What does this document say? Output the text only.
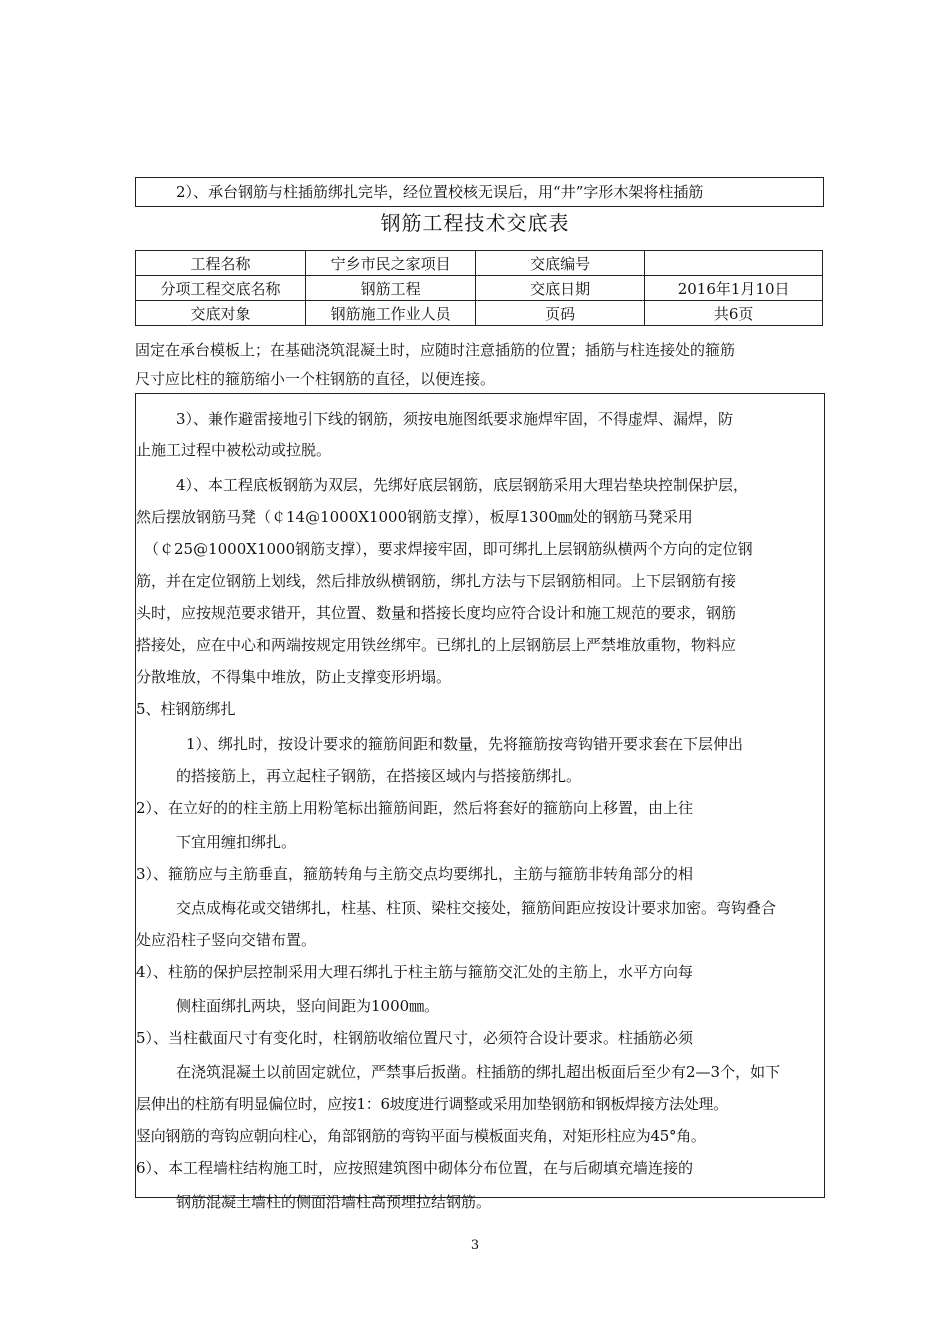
2）、承台钢筋与柱插筋绑扎完毕，经位置校核无误后，用“井”字形木架将柱插筋
钢筋工程技术交底表
工程名称	宁乡市民之家项目	交底编号	
分项工程交底名称	钢筋工程	交底日期	2016年1月10日
交底对象	钢筋施工作业人员	页码	共6页

固定在承台模板上；在基础浇筑混凝土时，应随时注意插筋的位置；插筋与柱连接处的箍筋

尺寸应比柱的箍筋缩小一个柱钢筋的直径，以便连接。

3）、兼作避雷接地引下线的钢筋，须按电施图纸要求施焊牢固，不得虚焊、漏焊，防
止施工过程中被松动或拉脱。
4）、本工程底板钢筋为双层，先绑好底层钢筋，底层钢筋采用大理岩垫块控制保护层，
然后摆放钢筋马凳（￠14@1000X1000钢筋支撑），板厚1300㎜处的钢筋马凳采用
（￠25@1000X1000钢筋支撑），要求焊接牢固，即可绑扎上层钢筋纵横两个方向的定位钢
筋，并在定位钢筋上划线，然后排放纵横钢筋，绑扎方法与下层钢筋相同。上下层钢筋有接
头时，应按规范要求错开，其位置、数量和搭接长度均应符合设计和施工规范的要求，钢筋
搭接处，应在中心和两端按规定用铁丝绑牢。已绑扎的上层钢筋层上严禁堆放重物，物料应
分散堆放，不得集中堆放，防止支撑变形坍塌。
5、柱钢筋绑扎
1）、绑扎时，按设计要求的箍筋间距和数量，先将箍筋按弯钩错开要求套在下层伸出
的搭接筋上，再立起柱子钢筋，在搭接区域内与搭接筋绑扎。
2）、在立好的的柱主筋上用粉笔标出箍筋间距，然后将套好的箍筋向上移置，由上往
下宜用缠扣绑扎。
3）、箍筋应与主筋垂直，箍筋转角与主筋交点均要绑扎，主筋与箍筋非转角部分的相
交点成梅花或交错绑扎，柱基、柱顶、梁柱交接处，箍筋间距应按设计要求加密。弯钩叠合
处应沿柱子竖向交错布置。
4）、柱筋的保护层控制采用大理石绑扎于柱主筋与箍筋交汇处的主筋上，水平方向每
侧柱面绑扎两块，竖向间距为1000㎜。
5）、当柱截面尺寸有变化时，柱钢筋收缩位置尺寸，必须符合设计要求。柱插筋必须
在浇筑混凝土以前固定就位，严禁事后扳凿。柱插筋的绑扎超出板面后至少有2—3个，如下
层伸出的柱筋有明显偏位时，应按1：6坡度进行调整或采用加垫钢筋和钢板焊接方法处理。
竖向钢筋的弯钩应朝向柱心，角部钢筋的弯钩平面与模板面夹角，对矩形柱应为45°角。
6）、本工程墙柱结构施工时，应按照建筑图中砌体分布位置，在与后砌填充墙连接的
钢筋混凝土墙柱的侧面沿墙柱高预埋拉结钢筋。
3
